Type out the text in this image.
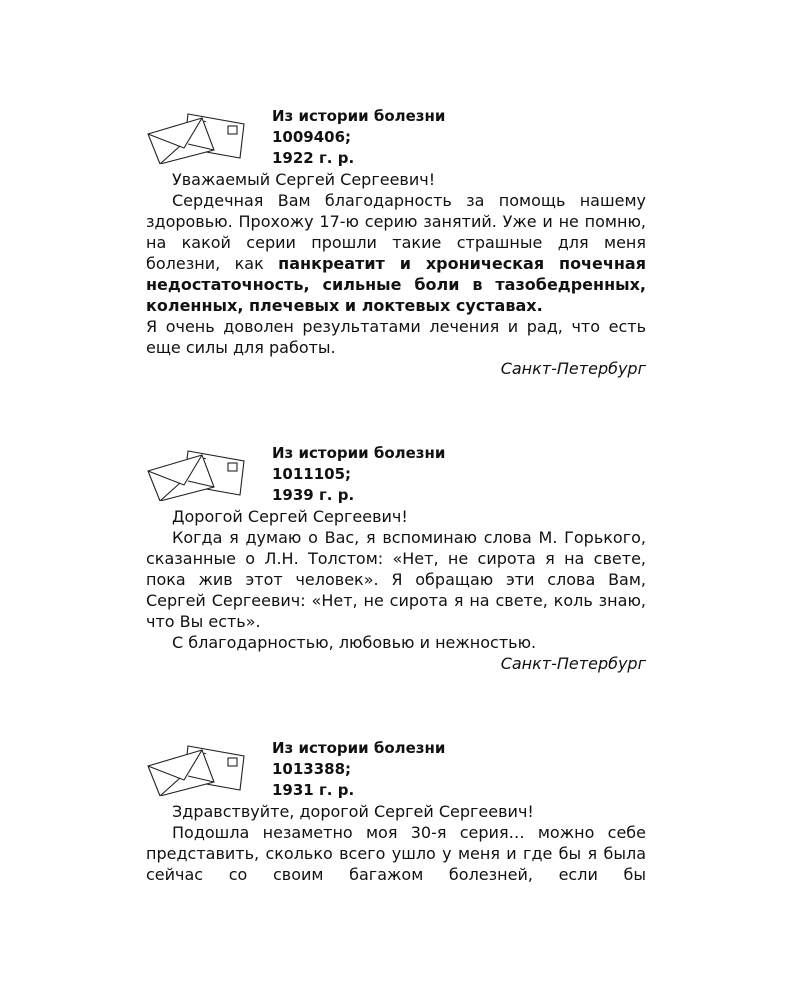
Из истории болезни
1009406;
1922 г. р.

Уважаемый Сергей Сергеевич!

Сердечная Вам благодарность за помощь нашему здоровью. Прохожу 17-ю серию занятий. Уже и не помню, на какой серии прошли такие страшные для меня болезни, как панкреатит и хроническая почечная недостаточность, сильные боли в тазобедренных, коленных, плечевых и локтевых суставах.

Я очень доволен результатами лечения и рад, что есть еще силы для работы.

Санкт-Петербург

Из истории болезни
1011105;
1939 г. р.

Дорогой Сергей Сергеевич!

Когда я думаю о Вас, я вспоминаю слова М. Горького, сказанные о Л.Н. Толстом: «Нет, не сирота я на свете, пока жив этот человек». Я обращаю эти слова Вам, Сергей Сергеевич: «Нет, не сирота я на свете, коль знаю, что Вы есть».

С благодарностью, любовью и нежностью.

Санкт-Петербург

Из истории болезни
1013388;
1931 г. р.

Здравствуйте, дорогой Сергей Сергеевич!

Подошла незаметно моя 30-я серия… можно себе представить, сколько всего ушло у меня и где бы я была сейчас со своим багажом болезней, если бы
